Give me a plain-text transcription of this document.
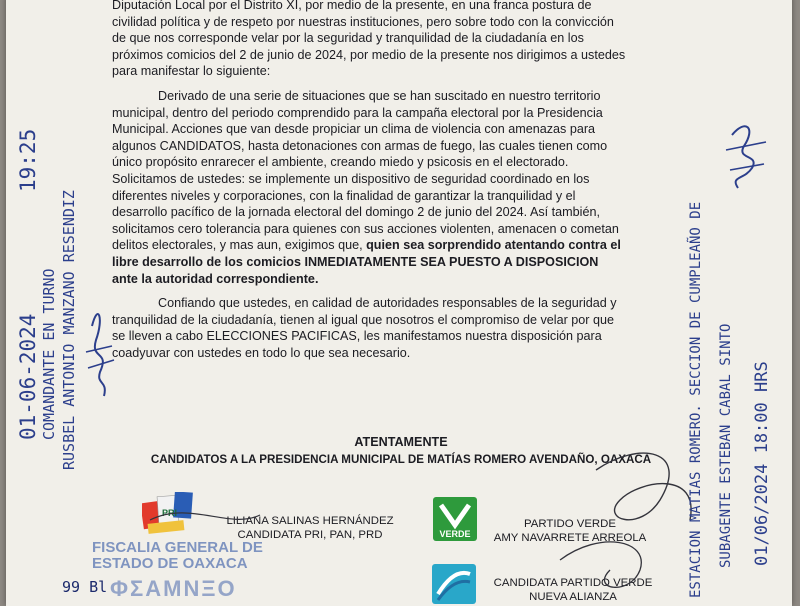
Diputación Local por el Distrito XI, por medio de la presente, en una franca postura de

civilidad política y de respeto por nuestras instituciones, pero sobre todo con la convicción

de que nos corresponde velar por la seguridad y tranquilidad de la ciudadanía en los

próximos comicios del 2 de junio de 2024, por medio de la presente nos dirigimos a ustedes

para manifestar lo siguiente:

Derivado de una serie de situaciones que se han suscitado en nuestro territorio

municipal, dentro del periodo comprendido para la campaña electoral por la Presidencia

Municipal. Acciones que van desde propiciar un clima de violencia con amenazas para

algunos CANDIDATOS, hasta detonaciones con armas de fuego, las cuales tienen como

único propósito enrarecer el ambiente, creando miedo y psicosis en el electorado.

Solicitamos de ustedes: se implemente un dispositivo de seguridad coordinado en los

diferentes niveles y corporaciones, con la finalidad de garantizar la tranquilidad y el

desarrollo pacífico de la jornada electoral del domingo 2 de junio del 2024. Así también,

solicitamos cero tolerancia para quienes con sus acciones violenten, amenacen o cometan

delitos electorales, y mas aun, exigimos que, quien sea sorprendido atentando contra el

libre desarrollo de los comicios INMEDIATAMENTE SEA PUESTO A DISPOSICION

ante la autoridad correspondiente.

Confiando que ustedes, en calidad de autoridades responsables de la seguridad y

tranquilidad de la ciudadanía, tienen al igual que nosotros el compromiso de velar por que

se lleven a cabo ELECCIONES PACIFICAS, les manifestamos nuestra disposición para

coadyuvar con ustedes en todo lo que sea necesario.

ATENTAMENTE
CANDIDATOS A LA PRESIDENCIA MUNICIPAL DE MATÍAS ROMERO AVENDAÑO, OAXACA
PRI
VERDE
LILIANA SALINAS HERNÁNDEZ
CANDIDATA PRI, PAN, PRD
PARTIDO VERDE
AMY NAVARRETE ARREOLA
CANDIDATA PARTIDO VERDE
NUEVA ALIANZA
FISCALIA GENERAL DE
ESTADO DE OAXACA
ΦΣΑΜΝΞΟ
99 Bl
01-06-2024
19:25
COMANDANTE EN TURNO RUSBEL ANTONIO MANZANO RESENDIZ	ESTACION MATIAS ROMERO. SECCION DE CUMPLEAÑO DE SUBAGENTE ESTEBAN CABAL SINTO 01/06/2024 18:00 HRS
